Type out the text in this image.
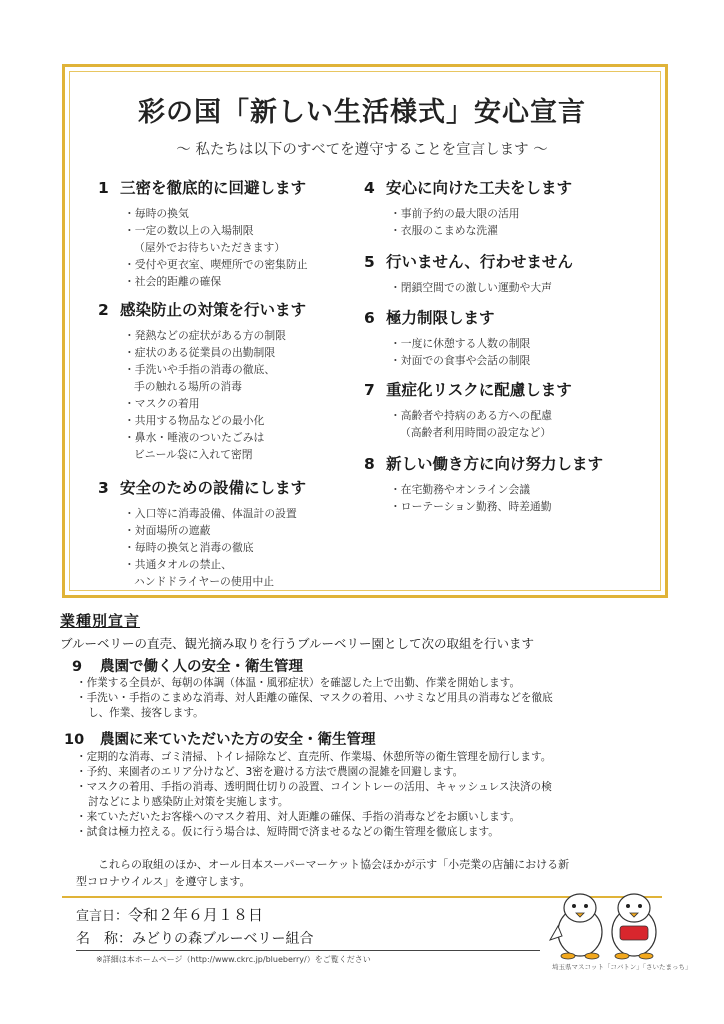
彩の国「新しい生活様式」安心宣言
〜 私たちは以下のすべてを遵守することを宣言します 〜
1 三密を徹底的に回避します
・毎時の換気
・一定の数以上の入場制限
（屋外でお待ちいただきます）
・受付や更衣室、喫煙所での密集防止
・社会的距離の確保
2 感染防止の対策を行います
・発熱などの症状がある方の制限
・症状のある従業員の出勤制限
・手洗いや手指の消毒の徹底、
手の触れる場所の消毒
・マスクの着用
・共用する物品などの最小化
・鼻水・唾液のついたごみは
ビニール袋に入れて密閉
3 安全のための設備にします
・入口等に消毒設備、体温計の設置
・対面場所の遮蔽
・毎時の換気と消毒の徹底
・共通タオルの禁止、
ハンドドライヤーの使用中止
4 安心に向けた工夫をします
・事前予約の最大限の活用
・衣服のこまめな洗濯
5 行いません、行わせません
・閉鎖空間での激しい運動や大声
6 極力制限します
・一度に休憩する人数の制限
・対面での食事や会話の制限
7 重症化リスクに配慮します
・高齢者や持病のある方への配慮
（高齢者利用時間の設定など）
8 新しい働き方に向け努力します
・在宅勤務やオンライン会議
・ローテーション勤務、時差通勤
業種別宣言
ブルーベリーの直売、観光摘み取りを行うブルーベリー園として次の取組を行います
9 農園で働く人の安全・衛生管理
・作業する全員が、毎朝の体調（体温・風邪症状）を確認した上で出勤、作業を開始します。
・手洗い・手指のこまめな消毒、対人距離の確保、マスクの着用、ハサミなど用具の消毒などを徹底
し、作業、接客します。
10 農園に来ていただいた方の安全・衛生管理
・定期的な消毒、ゴミ清掃、トイレ掃除など、直売所、作業場、休憩所等の衛生管理を励行します。
・予約、来園者のエリア分けなど、3密を避ける方法で農園の混雑を回避します。
・マスクの着用、手指の消毒、透明間仕切りの設置、コイントレーの活用、キャッシュレス決済の検
討などにより感染防止対策を実施します。
・来ていただいたお客様へのマスク着用、対人距離の確保、手指の消毒などをお願いします。
・試食は極力控える。仮に行う場合は、短時間で済ませるなどの衛生管理を徹底します。
これらの取組のほか、オール日本スーパーマーケット協会ほかが示す「小売業の店舗における新
型コロナウイルス」を遵守します。
宣言日：令和２年６月１８日
名　称：みどりの森ブルーベリー組合
※詳細は本ホームページ（http://www.ckrc.jp/blueberry/）をご覧ください
埼玉県マスコット「コバトン」「さいたまっち」
